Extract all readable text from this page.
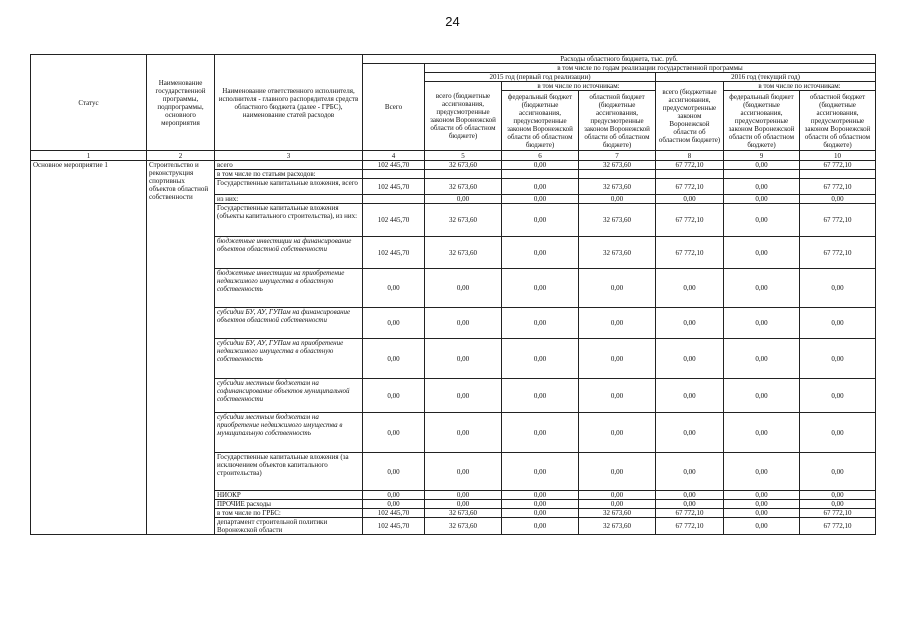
24
Статус	Наименование государственной программы, подпрограммы, основного мероприятия	Наименование ответственного исполнителя, исполнителя - главного распорядителя средств областного бюджета (далее - ГРБС), наименование статей расходов	Расходы областного бюджета, тыс. руб.						
			Всего	в том числе по годам реализации государственной программы					
				2015 год (первый год реализации)			2016 год (текущий год)		
				всего (бюджетные ассигнования, предусмотренные законом Воронежской области об областном бюджете)	в том числе по источникам:		всего (бюджетные ассигнования, предусмотренные законом Воронежской области об областном бюджете)	в том числе по источникам:	
					федеральный бюджет (бюджетные ассигнования, предусмотренные законом Воронежской области об областном бюджете)	областной бюджет (бюджетные ассигнования, предусмотренные законом Воронежской области об областном бюджете)		федеральный бюджет (бюджетные ассигнования, предусмотренные законом Воронежской области об областном бюджете)	областной бюджет (бюджетные ассигнования, предусмотренные законом Воронежской области об областном бюджете)
1	2	3	4	5	6	7	8	9	10
Основное мероприятие 1	Строительство и реконструкция спортивных объектов областной собственности	всего	102 445,70	32 673,60	0,00	32 673,60	67 772,10	0,00	67 772,10
		в том числе по статьям расходов:							
		Государственные капитальные вложения, всего	102 445,70	32 673,60	0,00	32 673,60	67 772,10	0,00	67 772,10
		из них:		0,00	0,00	0,00	0,00	0,00	0,00
		Государственные капитальные вложения (объекты капитального строительства), из них:	102 445,70	32 673,60	0,00	32 673,60	67 772,10	0,00	67 772,10
		бюджетные инвестиции на финансирование объектов областной собственности	102 445,70	32 673,60	0,00	32 673,60	67 772,10	0,00	67 772,10
		бюджетные инвестиции на приобретение недвижимого имущества в областную собственность	0,00	0,00	0,00	0,00	0,00	0,00	0,00
		субсидии БУ, АУ, ГУПам на финансирование объектов областной собственности	0,00	0,00	0,00	0,00	0,00	0,00	0,00
		субсидии БУ, АУ, ГУПам на приобретение недвижимого имущества в областную собственность	0,00	0,00	0,00	0,00	0,00	0,00	0,00
		субсидии местным бюджетам на софинансирование объектов муниципальной собственности	0,00	0,00	0,00	0,00	0,00	0,00	0,00
		субсидии местным бюджетам на приобретение недвижимого имущества в муниципальную собственность	0,00	0,00	0,00	0,00	0,00	0,00	0,00
		Государственные капитальные вложения (за исключением объектов капитального строительства)	0,00	0,00	0,00	0,00	0,00	0,00	0,00
		НИОКР	0,00	0,00	0,00	0,00	0,00	0,00	0,00
		ПРОЧИЕ расходы	0,00	0,00	0,00	0,00	0,00	0,00	0,00
		в том числе по ГРБС:	102 445,70	32 673,60	0,00	32 673,60	67 772,10	0,00	67 772,10
		департамент строительной политики Воронежской области	102 445,70	32 673,60	0,00	32 673,60	67 772,10	0,00	67 772,10
